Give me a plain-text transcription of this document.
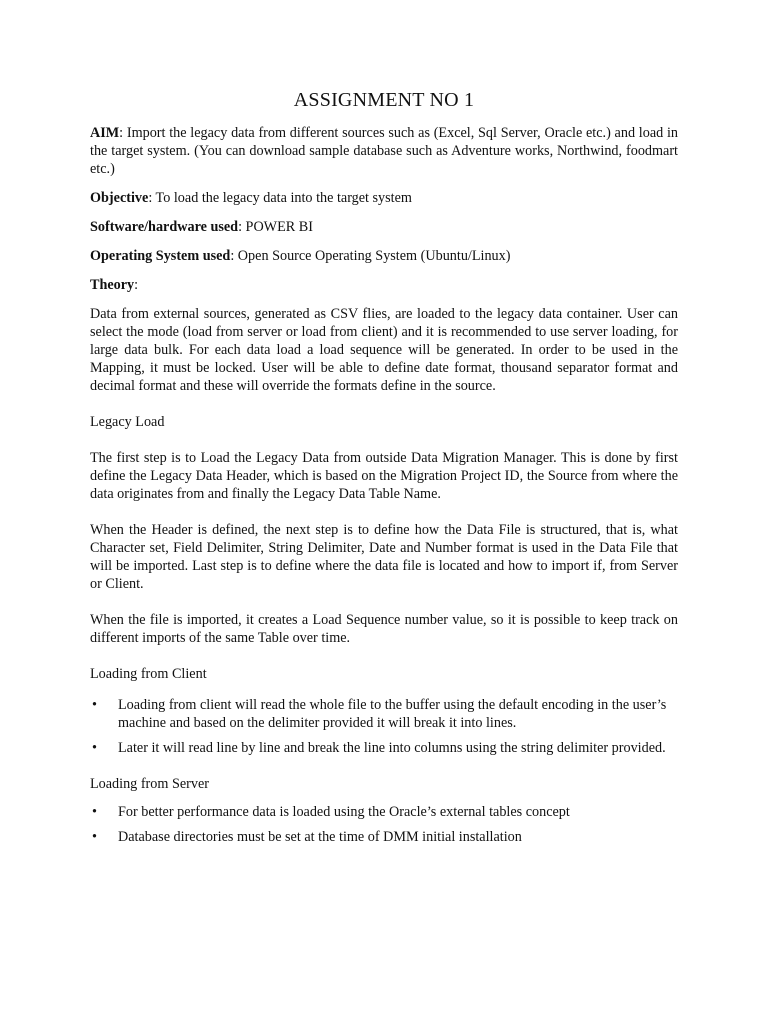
ASSIGNMENT NO 1

AIM: Import the legacy data from different sources such as (Excel, Sql Server, Oracle etc.) and load in the target system. (You can download sample database such as Adventure works, Northwind, foodmart etc.)

Objective: To load the legacy data into the target system

Software/hardware used: POWER BI

Operating System used: Open Source Operating System (Ubuntu/Linux)

Theory:

Data from external sources, generated as CSV flies, are loaded to the legacy data container. User can select the mode (load from server or load from client) and it is recommended to use server loading, for large data bulk. For each data load a load sequence will be generated. In order to be used in the Mapping, it must be locked. User will be able to define date format, thousand separator format and decimal format and these will override the formats define in the source.

Legacy Load

The first step is to Load the Legacy Data from outside Data Migration Manager. This is done by first define the Legacy Data Header, which is based on the Migration Project ID, the Source from where the data originates from and finally the Legacy Data Table Name.

When the Header is defined, the next step is to define how the Data File is structured, that is, what Character set, Field Delimiter, String Delimiter, Date and Number format is used in the Data File that will be imported. Last step is to define where the data file is located and how to import if, from Server or Client.

When the file is imported, it creates a Load Sequence number value, so it is possible to keep track on different imports of the same Table over time.

Loading from Client

• Loading from client will read the whole file to the buffer using the default encoding in the user’s machine and based on the delimiter provided it will break it into lines.
• Later it will read line by line and break the line into columns using the string delimiter provided.

Loading from Server

• For better performance data is loaded using the Oracle’s external tables concept
• Database directories must be set at the time of DMM initial installation
